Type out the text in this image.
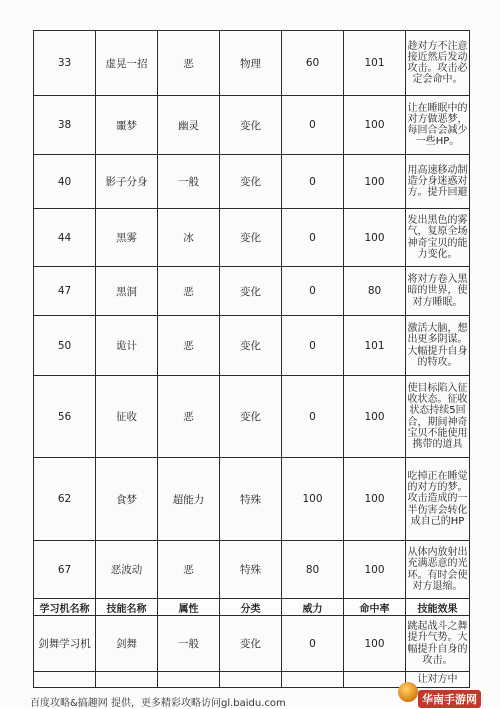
33	虚晃一招	恶	物理	60	101	趁对方不注意接近然后发动攻击。攻击必定会命中。
38	噩梦	幽灵	变化	0	100	让在睡眠中的对方做恶梦，每回合会减少一些HP。
40	影子分身	一般	变化	0	100	用高速移动制造分身迷惑对方。提升回避
44	黑雾	冰	变化	0	100	发出黑色的雾气，复原全场神奇宝贝的能力变化。
47	黑洞	恶	变化	0	80	将对方卷入黑暗的世界，使对方睡眠。
50	诡计	恶	变化	0	101	激活大脑，想出更多阴谋。大幅提升自身的特攻。
56	征收	恶	变化	0	100	使目标陷入征收状态。征收状态持续5回合，期间神奇宝贝不能使用携带的道具
62	食梦	超能力	特殊	100	100	吃掉正在睡觉的对方的梦。攻击造成的一半伤害会转化成自己的HP
67	恶波动	恶	特殊	80	100	从体内放射出充满恶意的光环。有时会使对方退缩。
学习机名称	技能名称	属性	分类	威力	命中率	技能效果
剑舞学习机	剑舞	一般	变化	0	100	跳起战斗之舞提升气势。大幅提升自身的攻击。
						让对方中
百度攻略&搞趣网 提供，更多精彩攻略访问gl.baidu.com	华南手游网
